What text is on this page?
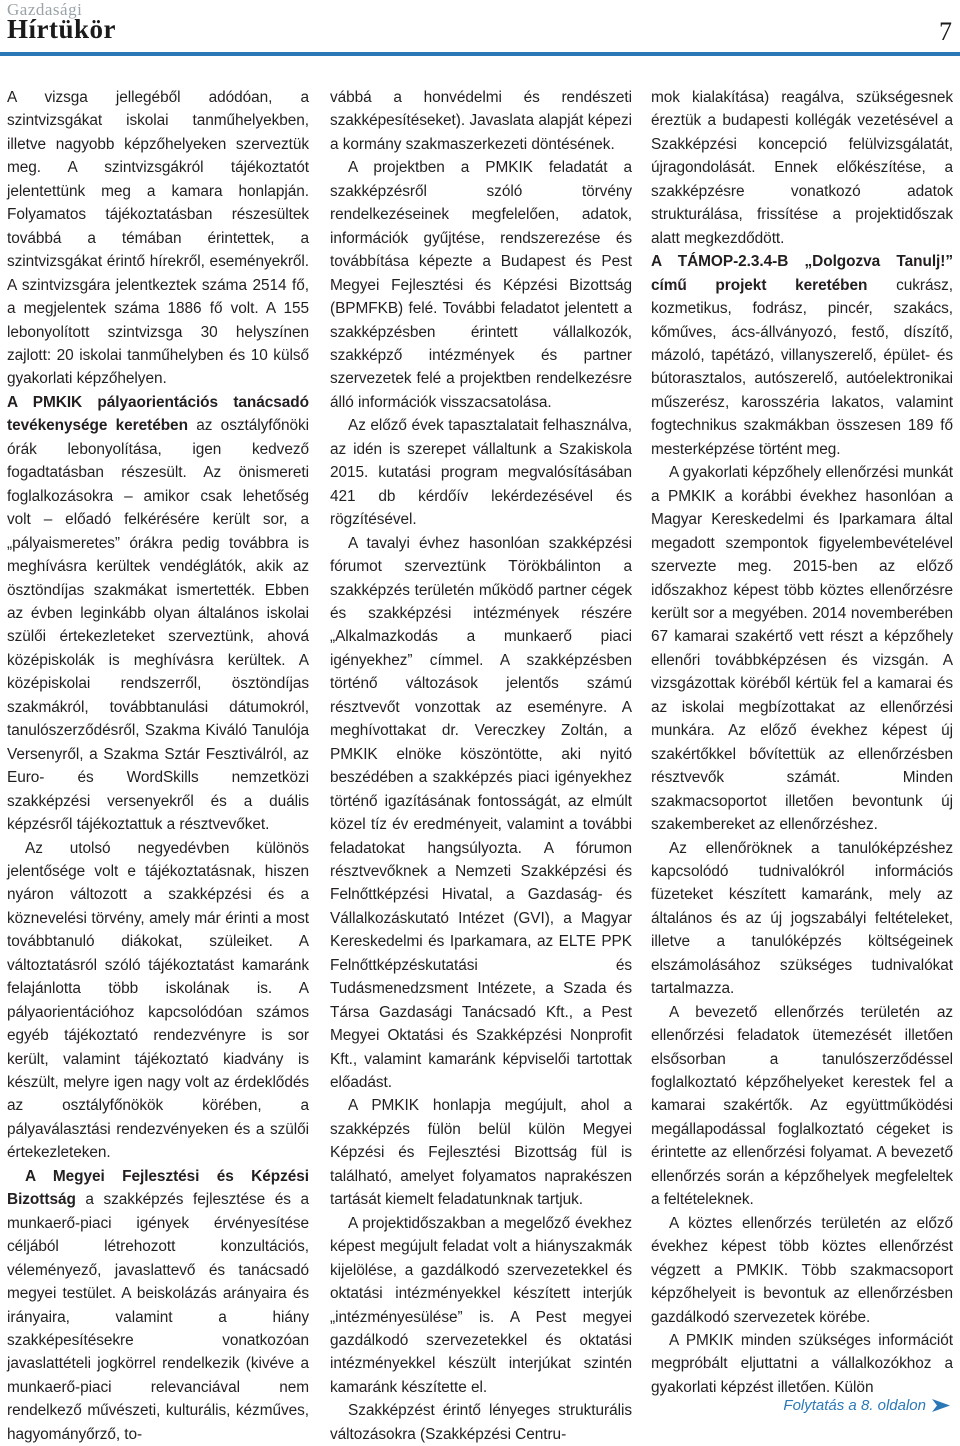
Gazdasági
Hírtükör	7

A vizsga jellegéből adódóan, a szintvizsgákat iskolai tanműhelyekben, illetve nagyobb képzőhelyeken szerveztük meg. A szintvizsgákról tájékoztatót jelentettünk meg a kamara honlapján. Folyamatos tájékoztatásban részesültek továbbá a témában érintettek, a szintvizsgákat érintő hírekről, eseményekről. A szintvizsgára jelentkeztek száma 2514 fő, a megjelentek száma 1886 fő volt. A 155 lebonyolított szintvizsga 30 helyszínen zajlott: 20 iskolai tanműhelyben és 10 külső gyakorlati képzőhelyen.

A PMKIK pályaorientációs tanácsadó tevékenysége keretében az osztályfőnöki órák lebonyolítása, igen kedvező fogadtatásban részesült. Az önismereti foglalkozásokra – amikor csak lehetőség volt – előadó felkérésére került sor, a „pályaismeretes” órákra pedig továbbra is meghívásra kerültek vendéglátók, akik az ösztöndíjas szakmákat ismertették. Ebben az évben leginkább olyan általános iskolai szülői értekezleteket szerveztünk, ahová középiskolák is meghívásra kerültek. A középiskolai rendszerről, ösztöndíjas szakmákról, továbbtanulási dátumokról, tanulószerződésről, Szakma Kiváló Tanulója Versenyről, a Szakma Sztár Fesztiválról, az Euro- és WordSkills nemzetközi szakképzési versenyekről és a duális képzésről tájékoztattuk a résztvevőket.

Az utolsó negyedévben különös jelentősége volt e tájékoztatásnak, hiszen nyáron változott a szakképzési és a köznevelési törvény, amely már érinti a most továbbtanuló diákokat, szüleiket. A változtatásról szóló tájékoztatást kamaránk felajánlotta több iskolának is. A pályaorientációhoz kapcsolódóan számos egyéb tájékoztató rendezvényre is sor került, valamint tájékoztató kiadvány is készült, melyre igen nagy volt az érdeklődés az osztályfőnökök körében, a pályaválasztási rendezvényeken és a szülői értekezleteken.

A Megyei Fejlesztési és Képzési Bizottság a szakképzés fejlesztése és a munkaerő-piaci igények érvényesítése céljából létrehozott konzultációs, véleményező, javaslattevő és tanácsadó megyei testület. A beiskolázás arányaira és irányaira, valamint a hiány szakképesítésekre vonatkozóan javaslattételi jogkörrel rendelkezik (kivéve a munkaerő-piaci relevanciával nem rendelkező művészeti, kulturális, kézműves, hagyományőrző, to-

vábbá a honvédelmi és rendészeti szakképesítéseket). Javaslata alapját képezi a kormány szakmaszerkezeti döntésének.

A projektben a PMKIK feladatát a szakképzésről szóló törvény rendelkezéseinek megfelelően, adatok, információk gyűjtése, rendszerezése és továbbítása képezte a Budapest és Pest Megyei Fejlesztési és Képzési Bizottság (BPMFKB) felé. További feladatot jelentett a szakképzésben érintett vállalkozók, szakképző intézmények és partner szervezetek felé a projektben rendelkezésre álló információk visszacsatolása.

Az előző évek tapasztalatait felhasználva, az idén is szerepet vállaltunk a Szakiskola 2015. kutatási program megvalósításában 421 db kérdőív lekérdezésével és rögzítésével.

A tavalyi évhez hasonlóan szakképzési fórumot szerveztünk Törökbálinton a szakképzés területén működő partner cégek és szakképzési intézmények részére „Alkalmazkodás a munkaerő piaci igényekhez” címmel. A szakképzésben történő változások jelentős számú résztvevőt vonzottak az eseményre. A meghívottakat dr. Vereczkey Zoltán, a PMKIK elnöke köszöntötte, aki nyitó beszédében a szakképzés piaci igényekhez történő igazításának fontosságát, az elmúlt közel tíz év eredményeit, valamint a további feladatokat hangsúlyozta. A fórumon résztvevőknek a Nemzeti Szakképzési és Felnőttképzési Hivatal, a Gazdaság- és Vállalkozáskutató Intézet (GVI), a Magyar Kereskedelmi és Iparkamara, az ELTE PPK Felnőttképzéskutatási és Tudásmenedzsment Intézete, a Szada és Társa Gazdasági Tanácsadó Kft., a Pest Megyei Oktatási és Szakképzési Nonprofit Kft., valamint kamaránk képviselői tartottak előadást.

A PMKIK honlapja megújult, ahol a szakképzés fülön belül külön Megyei Képzési és Fejlesztési Bizottság fül is található, amelyet folyamatos naprakészen tartását kiemelt feladatunknak tartjuk.

A projektidőszakban a megelőző évekhez képest megújult feladat volt a hiányszakmák kijelölése, a gazdálkodó szervezetekkel és oktatási intézményekkel készített interjúk „intézményesülése” is. A Pest megyei gazdálkodó szervezetekkel és oktatási intézményekkel készült interjúkat szintén kamaránk készítette el.

Szakképzést érintő lényeges strukturális változásokra (Szakképzési Centru-

mok kialakítása) reagálva, szükségesnek éreztük a budapesti kollégák vezetésével a Szakképzési koncepció felülvizsgálatát, újragondolását. Ennek előkészítése, a szakképzésre vonatkozó adatok strukturálása, frissítése a projektidőszak alatt megkezdődött.

A TÁMOP-2.3.4-B „Dolgozva Tanulj!” című projekt keretében cukrász, kozmetikus, fodrász, pincér, szakács, kőműves, ács-állványozó, festő, díszítő, mázoló, tapétázó, villanyszerelő, épület- és bútorasztalos, autószerelő, autóelektronikai műszerész, karosszéria lakatos, valamint fogtechnikus szakmákban összesen 189 fő mesterképzése történt meg.

A gyakorlati képzőhely ellenőrzési munkát a PMKIK a korábbi évekhez hasonlóan a Magyar Kereskedelmi és Iparkamara által megadott szempontok figyelembevételével szervezte meg. 2015-ben az előző időszakhoz képest több köztes ellenőrzésre került sor a megyében. 2014 novemberében 67 kamarai szakértő vett részt a képzőhely ellenőri továbbképzésen és vizsgán. A vizsgázottak köréből kértük fel a kamarai és az iskolai megbízottakat az ellenőrzési munkára. Az előző évekhez képest új szakértőkkel bővítettük az ellenőrzésben résztvevők számát. Minden szakmacsoportot illetően bevontunk új szakembereket az ellenőrzéshez.

Az ellenőröknek a tanulóképzéshez kapcsolódó tudnivalókról információs füzeteket készített kamaránk, mely az általános és az új jogszabályi feltételeket, illetve a tanulóképzés költségeinek elszámolásához szükséges tudnivalókat tartalmazza.

A bevezető ellenőrzés területén az ellenőrzési feladatok ütemezését illetően elsősorban a tanulószerződéssel foglalkoztató képzőhelyeket kerestek fel a kamarai szakértők. Az együttműködési megállapodással foglalkoztató cégeket is érintette az ellenőrzési folyamat. A bevezető ellenőrzés során a képzőhelyek megfeleltek a feltételeknek.

A köztes ellenőrzés területén az előző évekhez képest több köztes ellenőrzést végzett a PMKIK. Több szakmacsoport képzőhelyeit is bevontuk az ellenőrzésben gazdálkodó szervezetek körébe.

A PMKIK minden szükséges információt megpróbált eljuttatni a vállalkozókhoz a gyakorlati képzést illetően. Külön

Folytatás a 8. oldalon
